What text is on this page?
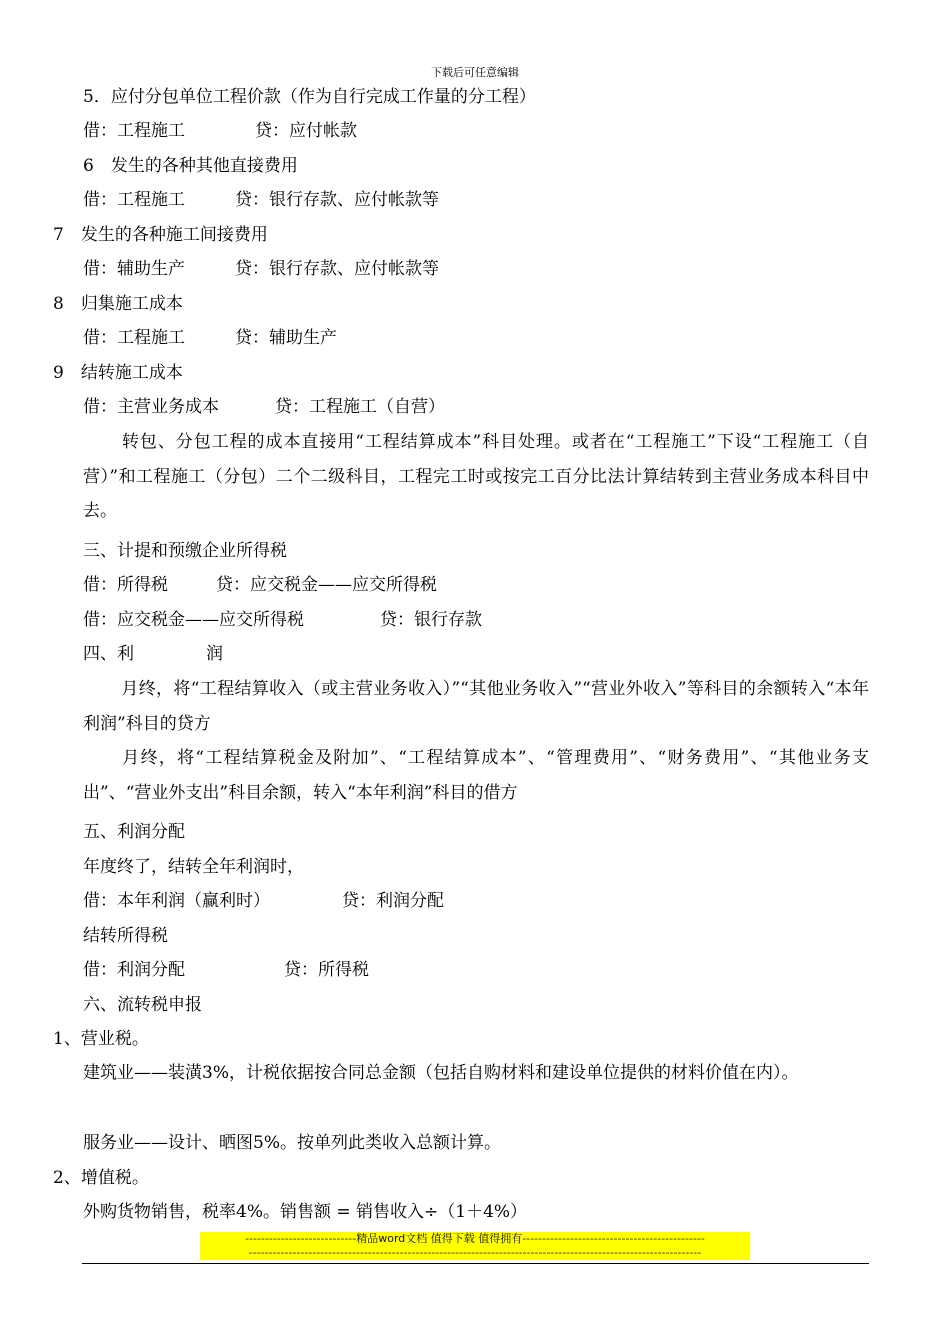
下载后可任意编辑
5．应付分包单位工程价款（作为自行完成工作量的分工程）
借：工程施工	贷：应付帐款
6　发生的各种其他直接费用
借：工程施工	贷：银行存款、应付帐款等
7　发生的各种施工间接费用
借：辅助生产	贷：银行存款、应付帐款等
8　归集施工成本
借：工程施工	贷：辅助生产
9　结转施工成本
借：主营业务成本	贷：工程施工（自营）
转包、分包工程的成本直接用“工程结算成本”科目处理。或者在“工程施工”下设“工程施工（自营）”和工程施工（分包）二个二级科目，工程完工时或按完工百分比法计算结转到主营业务成本科目中去。
三、计提和预缴企业所得税
借：所得税	贷：应交税金——应交所得税
借：应交税金——应交所得税	贷：银行存款
四、利	润
月终，将“工程结算收入（或主营业务收入）”“其他业务收入”“营业外收入”等科目的余额转入“本年利润”科目的贷方
月终，将“工程结算税金及附加”、“工程结算成本”、“管理费用”、“财务费用”、“其他业务支出”、“营业外支出”科目余额，转入“本年利润”科目的借方
五、利润分配
年度终了，结转全年利润时，
借：本年利润（赢利时）	贷：利润分配
结转所得税
借：利润分配	贷：所得税
六、流转税申报
1、营业税。
建筑业——装潢3%，计税依据按合同总金额（包括自购材料和建设单位提供的材料价值在内）。
服务业——设计、晒图5%。按单列此类收入总额计算。
2、增值税。
外购货物销售，税率4%。销售额 = 销售收入÷（1＋4%）
----------------------------精品word文档 值得下载 值得拥有----------------------------------------------
------------------------------------------------------------------------------------------------------------------
